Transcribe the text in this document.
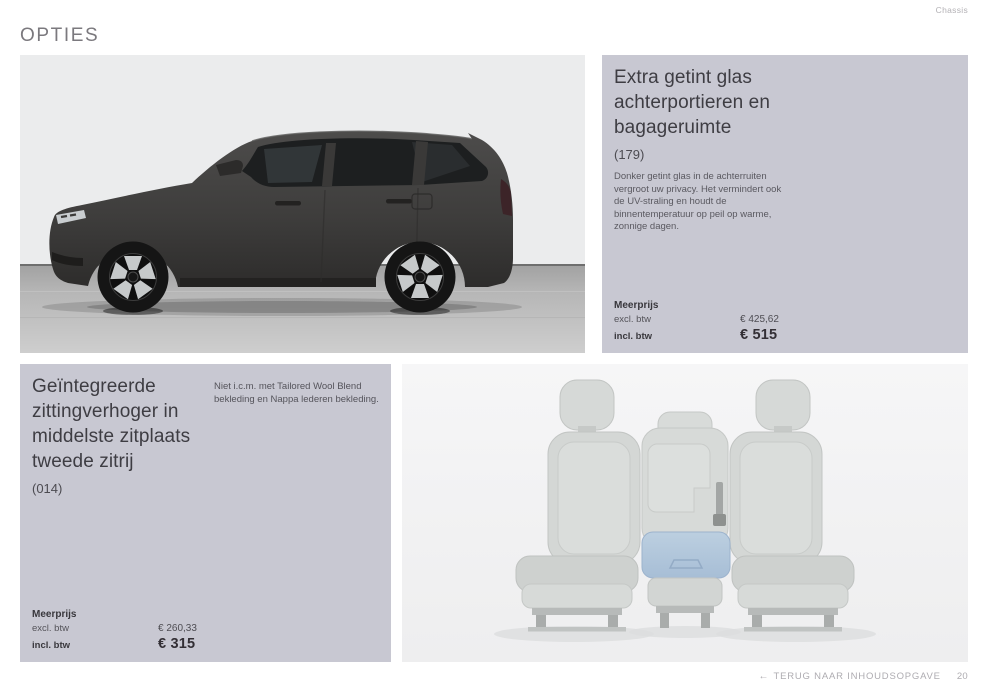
Chassis
OPTIES
Extra getint glas achterportieren en bagageruimte
(179)

Donker getint glas in de achterruiten vergroot uw privacy. Het vermindert ook de UV-straling en houdt de binnentemperatuur op peil op warme, zonnige dagen.

Meerprijs
excl. btw	€ 425,62
incl. btw	€ 515
Geïntegreerde zittingverhoger in middelste zitplaats tweede zitrij
(014)

Niet i.c.m. met Tailored Wool Blend bekleding en Nappa lederen bekleding.

Meerprijs
excl. btw	€ 260,33
incl. btw	€ 315
← TERUG NAAR INHOUDSOPGAVE 20
